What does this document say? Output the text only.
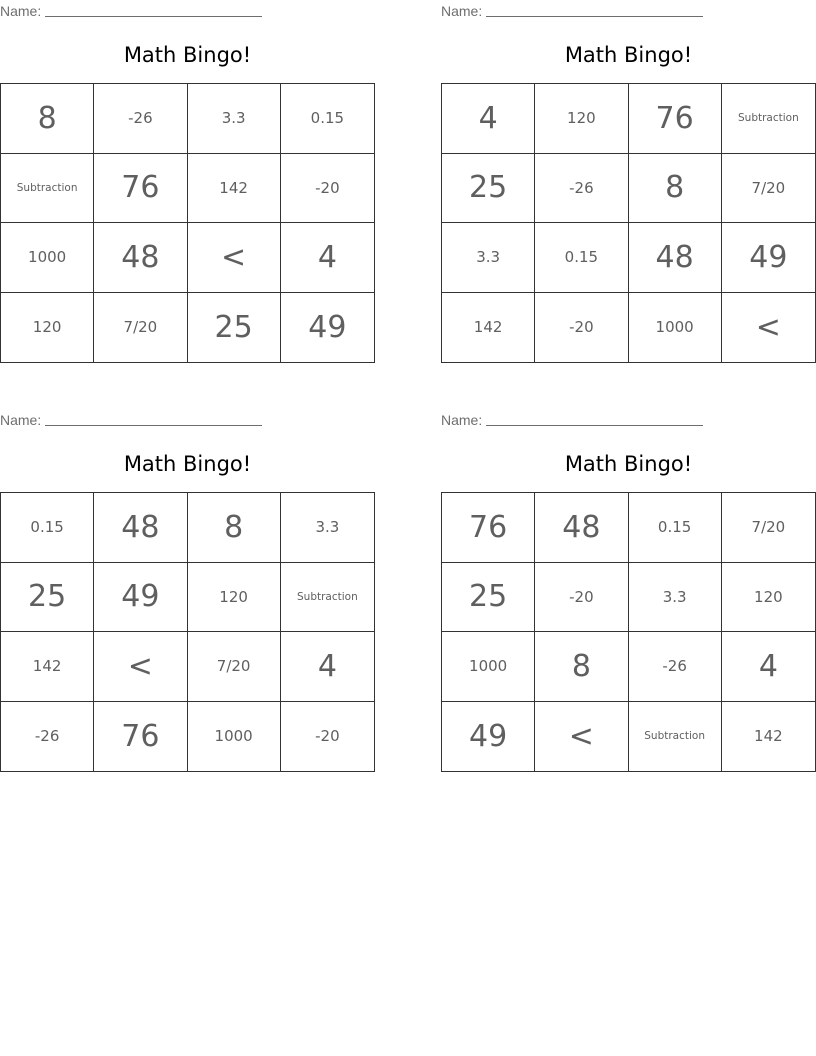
Name:
Math Bingo!
8	-26	3.3	0.15
Subtraction	76	142	-20
1000	48	<	4
120	7/20	25	49
Name:
Math Bingo!
4	120	76	Subtraction
25	-26	8	7/20
3.3	0.15	48	49
142	-20	1000	<
Name:
Math Bingo!
0.15	48	8	3.3
25	49	120	Subtraction
142	<	7/20	4
-26	76	1000	-20
Name:
Math Bingo!
76	48	0.15	7/20
25	-20	3.3	120
1000	8	-26	4
49	<	Subtraction	142
